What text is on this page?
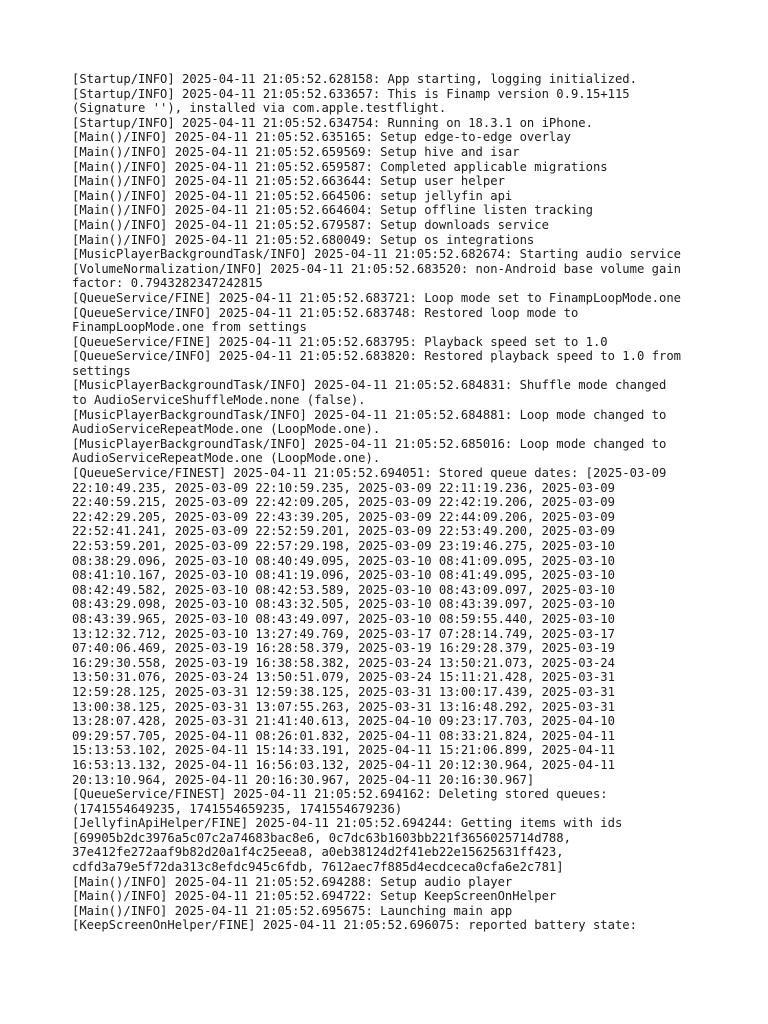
[Startup/INFO] 2025-04-11 21:05:52.628158: App starting, logging initialized.
[Startup/INFO] 2025-04-11 21:05:52.633657: This is Finamp version 0.9.15+115
(Signature ''), installed via com.apple.testflight.
[Startup/INFO] 2025-04-11 21:05:52.634754: Running on 18.3.1 on iPhone.
[Main()/INFO] 2025-04-11 21:05:52.635165: Setup edge-to-edge overlay
[Main()/INFO] 2025-04-11 21:05:52.659569: Setup hive and isar
[Main()/INFO] 2025-04-11 21:05:52.659587: Completed applicable migrations
[Main()/INFO] 2025-04-11 21:05:52.663644: Setup user helper
[Main()/INFO] 2025-04-11 21:05:52.664506: setup jellyfin api
[Main()/INFO] 2025-04-11 21:05:52.664604: Setup offline listen tracking
[Main()/INFO] 2025-04-11 21:05:52.679587: Setup downloads service
[Main()/INFO] 2025-04-11 21:05:52.680049: Setup os integrations
[MusicPlayerBackgroundTask/INFO] 2025-04-11 21:05:52.682674: Starting audio service
[VolumeNormalization/INFO] 2025-04-11 21:05:52.683520: non-Android base volume gain
factor: 0.7943282347242815
[QueueService/FINE] 2025-04-11 21:05:52.683721: Loop mode set to FinampLoopMode.one
[QueueService/INFO] 2025-04-11 21:05:52.683748: Restored loop mode to
FinampLoopMode.one from settings
[QueueService/FINE] 2025-04-11 21:05:52.683795: Playback speed set to 1.0
[QueueService/INFO] 2025-04-11 21:05:52.683820: Restored playback speed to 1.0 from
settings
[MusicPlayerBackgroundTask/INFO] 2025-04-11 21:05:52.684831: Shuffle mode changed
to AudioServiceShuffleMode.none (false).
[MusicPlayerBackgroundTask/INFO] 2025-04-11 21:05:52.684881: Loop mode changed to
AudioServiceRepeatMode.one (LoopMode.one).
[MusicPlayerBackgroundTask/INFO] 2025-04-11 21:05:52.685016: Loop mode changed to
AudioServiceRepeatMode.one (LoopMode.one).
[QueueService/FINEST] 2025-04-11 21:05:52.694051: Stored queue dates: [2025-03-09
22:10:49.235, 2025-03-09 22:10:59.235, 2025-03-09 22:11:19.236, 2025-03-09
22:40:59.215, 2025-03-09 22:42:09.205, 2025-03-09 22:42:19.206, 2025-03-09
22:42:29.205, 2025-03-09 22:43:39.205, 2025-03-09 22:44:09.206, 2025-03-09
22:52:41.241, 2025-03-09 22:52:59.201, 2025-03-09 22:53:49.200, 2025-03-09
22:53:59.201, 2025-03-09 22:57:29.198, 2025-03-09 23:19:46.275, 2025-03-10
08:38:29.096, 2025-03-10 08:40:49.095, 2025-03-10 08:41:09.095, 2025-03-10
08:41:10.167, 2025-03-10 08:41:19.096, 2025-03-10 08:41:49.095, 2025-03-10
08:42:49.582, 2025-03-10 08:42:53.589, 2025-03-10 08:43:09.097, 2025-03-10
08:43:29.098, 2025-03-10 08:43:32.505, 2025-03-10 08:43:39.097, 2025-03-10
08:43:39.965, 2025-03-10 08:43:49.097, 2025-03-10 08:59:55.440, 2025-03-10
13:12:32.712, 2025-03-10 13:27:49.769, 2025-03-17 07:28:14.749, 2025-03-17
07:40:06.469, 2025-03-19 16:28:58.379, 2025-03-19 16:29:28.379, 2025-03-19
16:29:30.558, 2025-03-19 16:38:58.382, 2025-03-24 13:50:21.073, 2025-03-24
13:50:31.076, 2025-03-24 13:50:51.079, 2025-03-24 15:11:21.428, 2025-03-31
12:59:28.125, 2025-03-31 12:59:38.125, 2025-03-31 13:00:17.439, 2025-03-31
13:00:38.125, 2025-03-31 13:07:55.263, 2025-03-31 13:16:48.292, 2025-03-31
13:28:07.428, 2025-03-31 21:41:40.613, 2025-04-10 09:23:17.703, 2025-04-10
09:29:57.705, 2025-04-11 08:26:01.832, 2025-04-11 08:33:21.824, 2025-04-11
15:13:53.102, 2025-04-11 15:14:33.191, 2025-04-11 15:21:06.899, 2025-04-11
16:53:13.132, 2025-04-11 16:56:03.132, 2025-04-11 20:12:30.964, 2025-04-11
20:13:10.964, 2025-04-11 20:16:30.967, 2025-04-11 20:16:30.967]
[QueueService/FINEST] 2025-04-11 21:05:52.694162: Deleting stored queues:
(1741554649235, 1741554659235, 1741554679236)
[JellyfinApiHelper/FINE] 2025-04-11 21:05:52.694244: Getting items with ids
[69905b2dc3976a5c07c2a74683bac8e6, 0c7dc63b1603bb221f3656025714d788,
37e412fe272aaf9b82d20a1f4c25eea8, a0eb38124d2f41eb22e15625631ff423,
cdfd3a79e5f72da313c8efdc945c6fdb, 7612aec7f885d4ecdceca0cfa6e2c781]
[Main()/INFO] 2025-04-11 21:05:52.694288: Setup audio player
[Main()/INFO] 2025-04-11 21:05:52.694722: Setup KeepScreenOnHelper
[Main()/INFO] 2025-04-11 21:05:52.695675: Launching main app
[KeepScreenOnHelper/FINE] 2025-04-11 21:05:52.696075: reported battery state:
